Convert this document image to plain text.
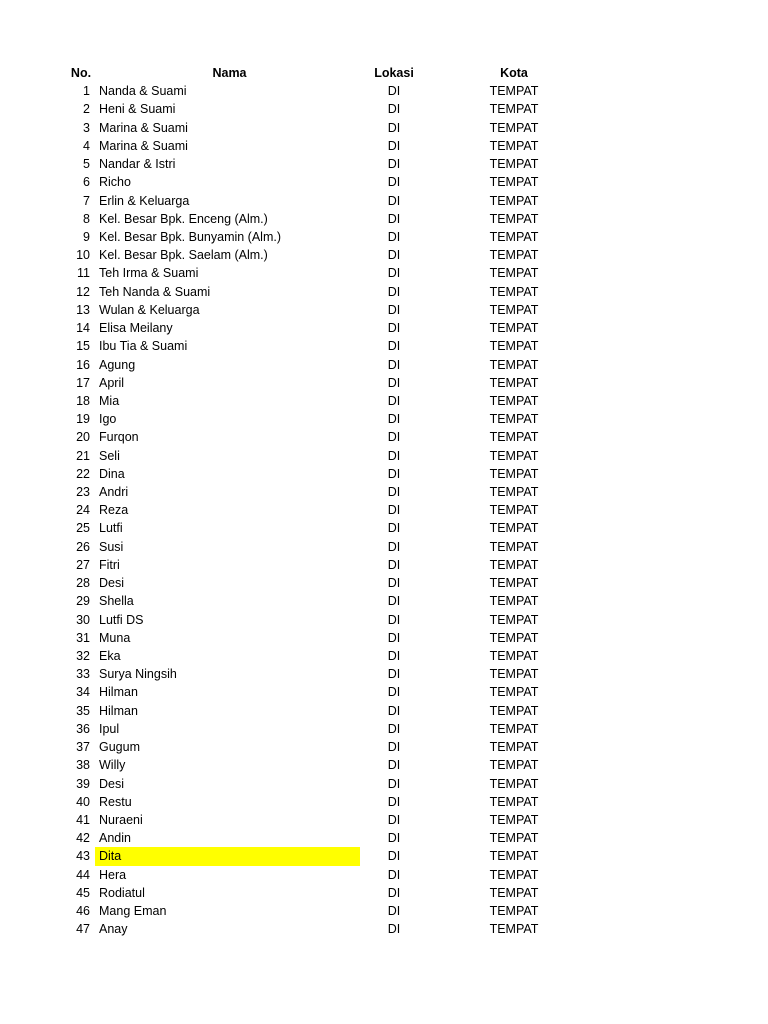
No.	Nama	Lokasi	Kota
1 Nanda & Suami	DI	TEMPAT
2 Heni & Suami	DI	TEMPAT
3 Marina & Suami	DI	TEMPAT
4 Marina & Suami	DI	TEMPAT
5 Nandar & Istri	DI	TEMPAT
6 Richo	DI	TEMPAT
7 Erlin & Keluarga	DI	TEMPAT
8 Kel. Besar Bpk. Enceng (Alm.)	DI	TEMPAT
9 Kel. Besar Bpk. Bunyamin (Alm.)	DI	TEMPAT
10 Kel. Besar Bpk. Saelam (Alm.)	DI	TEMPAT
11 Teh Irma & Suami	DI	TEMPAT
12 Teh Nanda & Suami	DI	TEMPAT
13 Wulan & Keluarga	DI	TEMPAT
14 Elisa Meilany	DI	TEMPAT
15 Ibu Tia & Suami	DI	TEMPAT
16 Agung	DI	TEMPAT
17 April	DI	TEMPAT
18 Mia	DI	TEMPAT
19 Igo	DI	TEMPAT
20 Furqon	DI	TEMPAT
21 Seli	DI	TEMPAT
22 Dina	DI	TEMPAT
23 Andri	DI	TEMPAT
24 Reza	DI	TEMPAT
25 Lutfi	DI	TEMPAT
26 Susi	DI	TEMPAT
27 Fitri	DI	TEMPAT
28 Desi	DI	TEMPAT
29 Shella	DI	TEMPAT
30 Lutfi DS	DI	TEMPAT
31 Muna	DI	TEMPAT
32 Eka	DI	TEMPAT
33 Surya Ningsih	DI	TEMPAT
34 Hilman	DI	TEMPAT
35 Hilman	DI	TEMPAT
36 Ipul	DI	TEMPAT
37 Gugum	DI	TEMPAT
38 Willy	DI	TEMPAT
39 Desi	DI	TEMPAT
40 Restu	DI	TEMPAT
41 Nuraeni	DI	TEMPAT
42 Andin	DI	TEMPAT
43 Dita	DI	TEMPAT
44 Hera	DI	TEMPAT
45 Rodiatul	DI	TEMPAT
46 Mang Eman	DI	TEMPAT
47 Anay	DI	TEMPAT
